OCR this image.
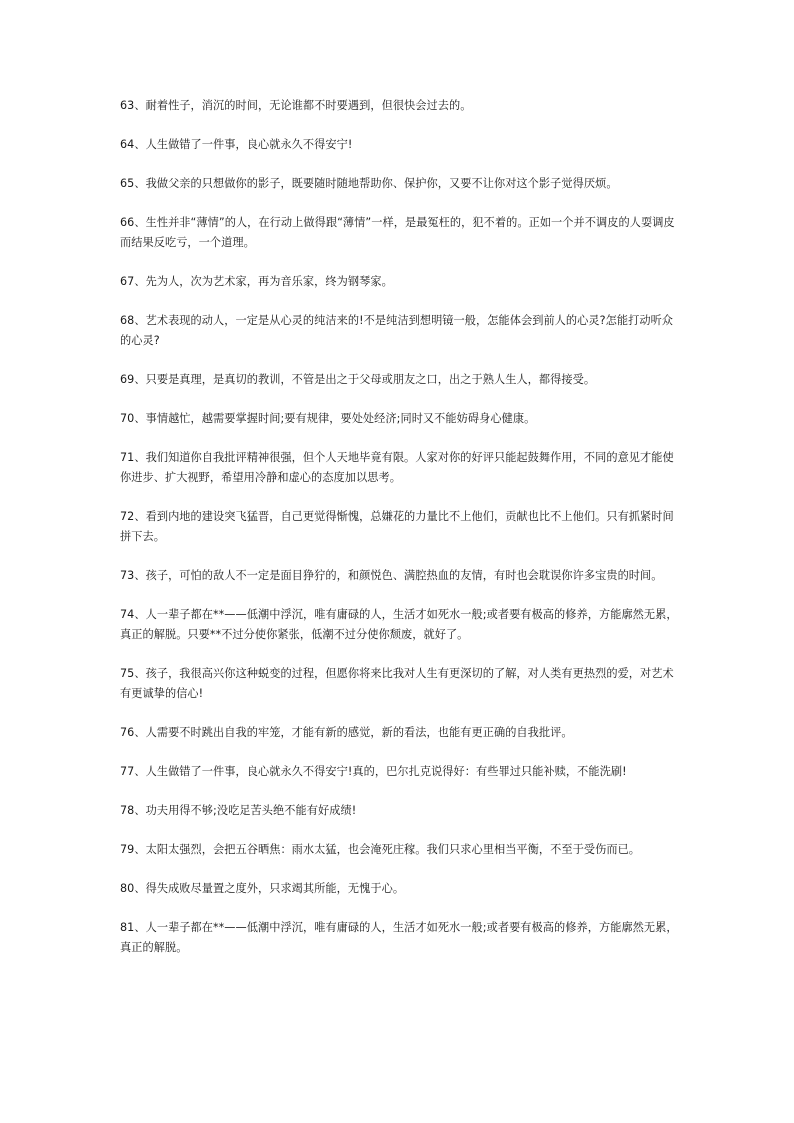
63、耐着性子，消沉的时间，无论谁都不时要遇到，但很快会过去的。
64、人生做错了一件事，良心就永久不得安宁!
65、我做父亲的只想做你的影子，既要随时随地帮助你、保护你，又要不让你对这个影子觉得厌烦。
66、生性并非“薄情”的人，在行动上做得跟“薄情”一样，是最冤枉的，犯不着的。正如一个并不调皮的人耍调皮而结果反吃亏，一个道理。
67、先为人，次为艺术家，再为音乐家，终为钢琴家。
68、艺术表现的动人，一定是从心灵的纯洁来的!不是纯洁到想明镜一般，怎能体会到前人的心灵?怎能打动听众的心灵?
69、只要是真理，是真切的教训，不管是出之于父母或朋友之口，出之于熟人生人，都得接受。
70、事情越忙，越需要掌握时间;要有规律，要处处经济;同时又不能妨碍身心健康。
71、我们知道你自我批评精神很强，但个人天地毕竟有限。人家对你的好评只能起鼓舞作用，不同的意见才能使你进步、扩大视野，希望用冷静和虚心的态度加以思考。
72、看到内地的建设突飞猛晋，自己更觉得惭愧，总嫌花的力量比不上他们，贡献也比不上他们。只有抓紧时间拼下去。
73、孩子，可怕的敌人不一定是面目狰狞的，和颜悦色、满腔热血的友情，有时也会耽误你许多宝贵的时间。
74、人一辈子都在**——低潮中浮沉，唯有庸碌的人，生活才如死水一般;或者要有极高的修养，方能廓然无累，真正的解脱。只要**不过分使你紧张，低潮不过分使你颓废，就好了。
75、孩子，我很高兴你这种蜕变的过程，但愿你将来比我对人生有更深切的了解，对人类有更热烈的爱，对艺术有更诚挚的信心!
76、人需要不时跳出自我的牢笼，才能有新的感觉，新的看法，也能有更正确的自我批评。
77、人生做错了一件事，良心就永久不得安宁!真的，巴尔扎克说得好：有些罪过只能补赎，不能洗刷!
78、功夫用得不够;没吃足苦头绝不能有好成绩!
79、太阳太强烈，会把五谷晒焦：雨水太猛，也会淹死庄稼。我们只求心里相当平衡，不至于受伤而已。
80、得失成败尽量置之度外，只求竭其所能，无愧于心。
81、人一辈子都在**——低潮中浮沉，唯有庸碌的人，生活才如死水一般;或者要有极高的修养，方能廓然无累，真正的解脱。
